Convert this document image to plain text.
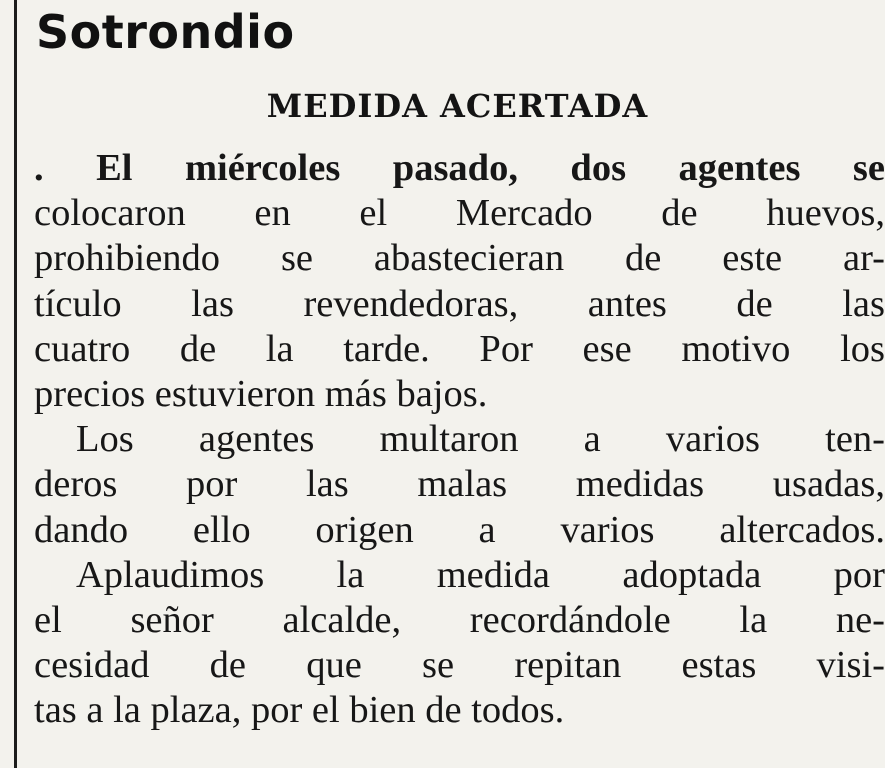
Sotrondio
MEDIDA ACERTADA
. El miércoles pasado, dos agentes se
colocaron en el Mercado de huevos,
prohibiendo se abastecieran de este ar-
tículo las revendedoras, antes de las
cuatro de la tarde. Por ese motivo los
precios estuvieron más bajos.
Los agentes multaron a varios ten-
deros por las malas medidas usadas,
dando ello origen a varios altercados.
Aplaudimos la medida adoptada por
el señor alcalde, recordándole la ne-
cesidad de que se repitan estas visi-
tas a la plaza, por el bien de todos.
